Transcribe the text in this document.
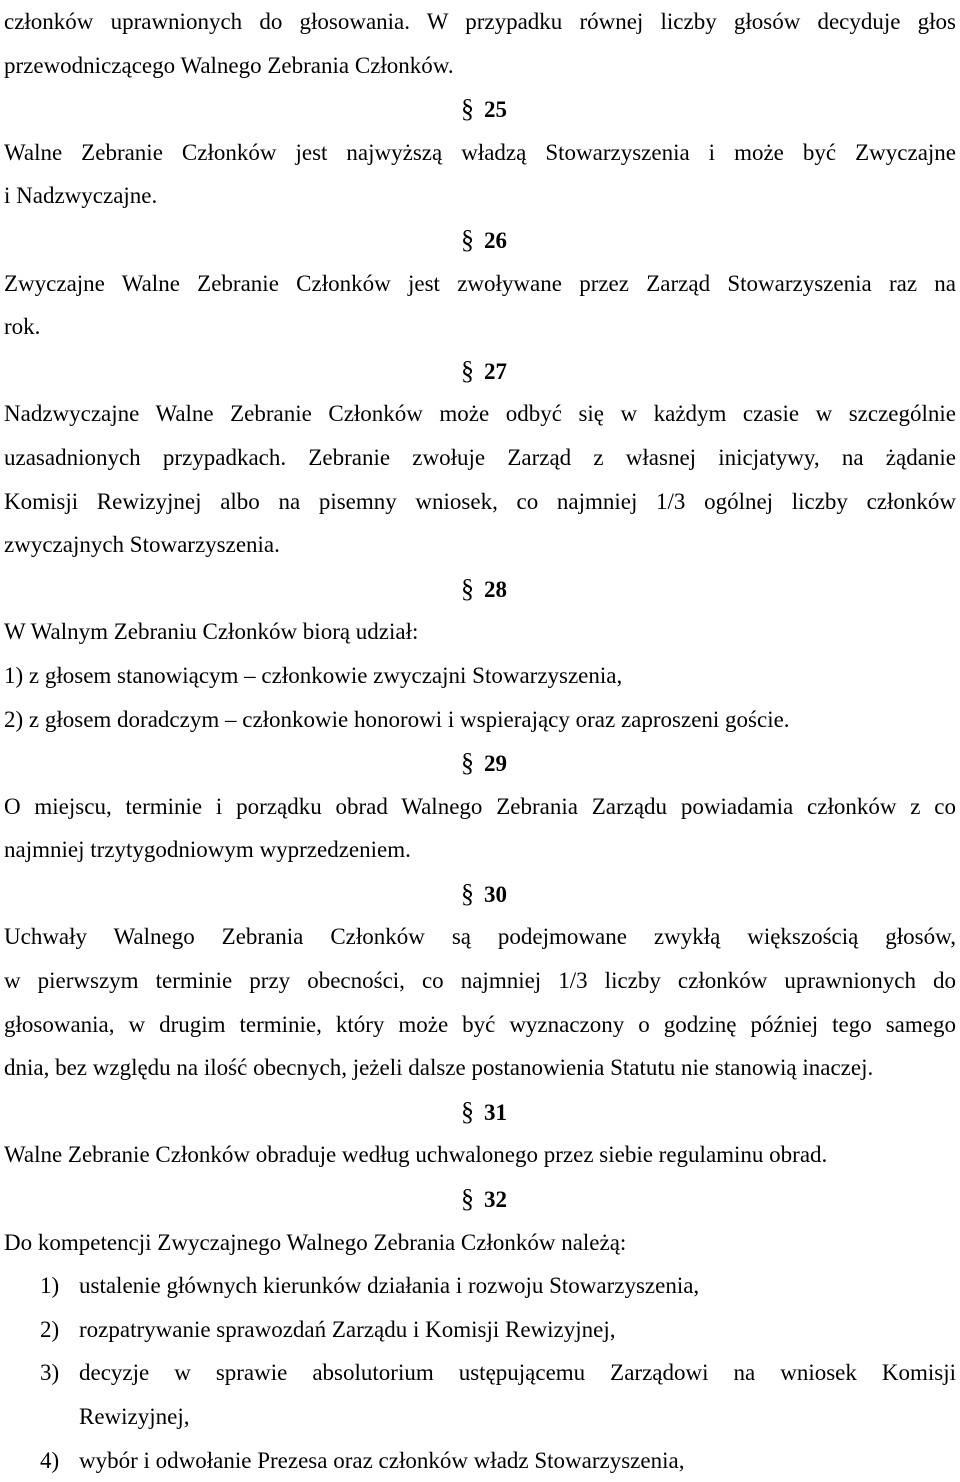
członków uprawnionych do głosowania. W przypadku równej liczby głosów decyduje głos
przewodniczącego Walnego Zebrania Członków.
§ 25
Walne Zebranie Członków jest najwyższą władzą Stowarzyszenia i może być Zwyczajne
i Nadzwyczajne.
§ 26
Zwyczajne Walne Zebranie Członków jest zwoływane przez Zarząd Stowarzyszenia raz na
rok.
§ 27
Nadzwyczajne Walne Zebranie Członków może odbyć się w każdym czasie w szczególnie
uzasadnionych przypadkach. Zebranie zwołuje Zarząd z własnej inicjatywy, na żądanie
Komisji Rewizyjnej albo na pisemny wniosek, co najmniej 1/3 ogólnej liczby członków
zwyczajnych Stowarzyszenia.
§ 28
W Walnym Zebraniu Członków biorą udział:
1) z głosem stanowiącym – członkowie zwyczajni Stowarzyszenia,
2) z głosem doradczym – członkowie honorowi i wspierający oraz zaproszeni goście.
§ 29
O miejscu, terminie i porządku obrad Walnego Zebrania Zarządu powiadamia członków z co
najmniej trzytygodniowym wyprzedzeniem.
§ 30
Uchwały Walnego Zebrania Członków są podejmowane zwykłą większością głosów,
w pierwszym terminie przy obecności, co najmniej 1/3 liczby członków uprawnionych do
głosowania, w drugim terminie, który może być wyznaczony o godzinę później tego samego
dnia, bez względu na ilość obecnych, jeżeli dalsze postanowienia Statutu nie stanowią inaczej.
§ 31
Walne Zebranie Członków obraduje według uchwalonego przez siebie regulaminu obrad.
§ 32
Do kompetencji Zwyczajnego Walnego Zebrania Członków należą:
1) ustalenie głównych kierunków działania i rozwoju Stowarzyszenia,
2) rozpatrywanie sprawozdań Zarządu i Komisji Rewizyjnej,
3) decyzje w sprawie absolutorium ustępującemu Zarządowi na wniosek Komisji
Rewizyjnej,
4) wybór i odwołanie Prezesa oraz członków władz Stowarzyszenia,
